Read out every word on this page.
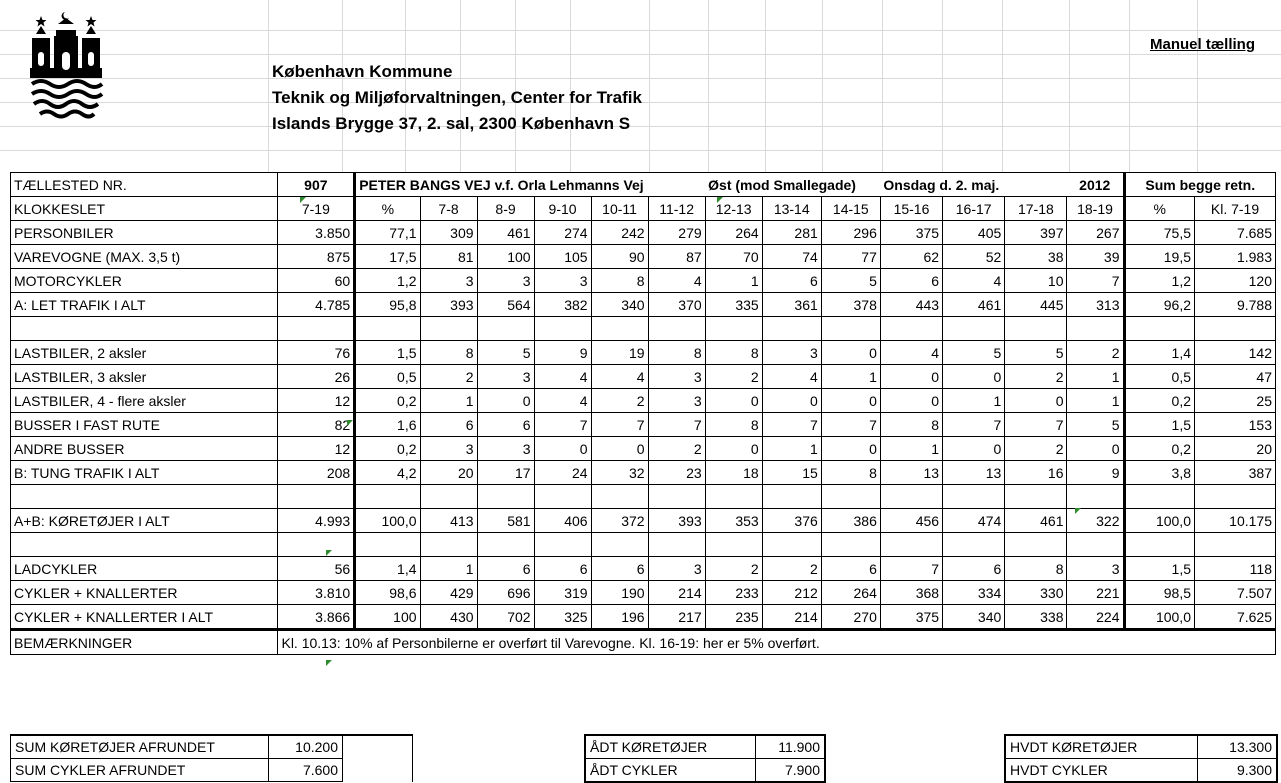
København Kommune
Teknik og Miljøforvaltningen, Center for Trafik
Islands Brygge 37, 2. sal, 2300 København S
Manuel tælling
TÆLLESTED NR.	907	PETER BANGS VEJ v.f. Orla Lehmanns Vej						Øst (mod Smallegade)			Onsdag d. 2. maj.			2012	Sum begge retn.	
KLOKKESLET	7-19	%	7-8	8-9	9-10	10-11	11-12	12-13	13-14	14-15	15-16	16-17	17-18	18-19	%	Kl. 7-19
PERSONBILER	3.850	77,1	309	461	274	242	279	264	281	296	375	405	397	267	75,5	7.685
VAREVOGNE (MAX. 3,5 t)	875	17,5	81	100	105	90	87	70	74	77	62	52	38	39	19,5	1.983
MOTORCYKLER	60	1,2	3	3	3	8	4	1	6	5	6	4	10	7	1,2	120
A: LET TRAFIK I ALT	4.785	95,8	393	564	382	340	370	335	361	378	443	461	445	313	96,2	9.788

LASTBILER, 2 aksler	76	1,5	8	5	9	19	8	8	3	0	4	5	5	2	1,4	142
LASTBILER, 3 aksler	26	0,5	2	3	4	4	3	2	4	1	0	0	2	1	0,5	47
LASTBILER, 4 - flere aksler	12	0,2	1	0	4	2	3	0	0	0	0	1	0	1	0,2	25
BUSSER I FAST RUTE	82	1,6	6	6	7	7	7	8	7	7	8	7	7	5	1,5	153
ANDRE BUSSER	12	0,2	3	3	0	0	2	0	1	0	1	0	2	0	0,2	20
B: TUNG TRAFIK I ALT	208	4,2	20	17	24	32	23	18	15	8	13	13	16	9	3,8	387

A+B: KØRETØJER I ALT	4.993	100,0	413	581	406	372	393	353	376	386	456	474	461	322	100,0	10.175

LADCYKLER	56	1,4	1	6	6	6	3	2	2	6	7	6	8	3	1,5	118
CYKLER + KNALLERTER	3.810	98,6	429	696	319	190	214	233	212	264	368	334	330	221	98,5	7.507
CYKLER + KNALLERTER I ALT	3.866	100	430	702	325	196	217	235	214	270	375	340	338	224	100,0	7.625
BEMÆRKNINGER	Kl. 10.13: 10% af Personbilerne er overført til Varevogne. Kl. 16-19: her er 5% overført.															
SUM KØRETØJER AFRUNDET	10.200	
SUM CYKLER AFRUNDET	7.600	
ÅDT KØRETØJER	11.900
ÅDT CYKLER	7.900
HVDT KØRETØJER	13.300
HVDT CYKLER	9.300
